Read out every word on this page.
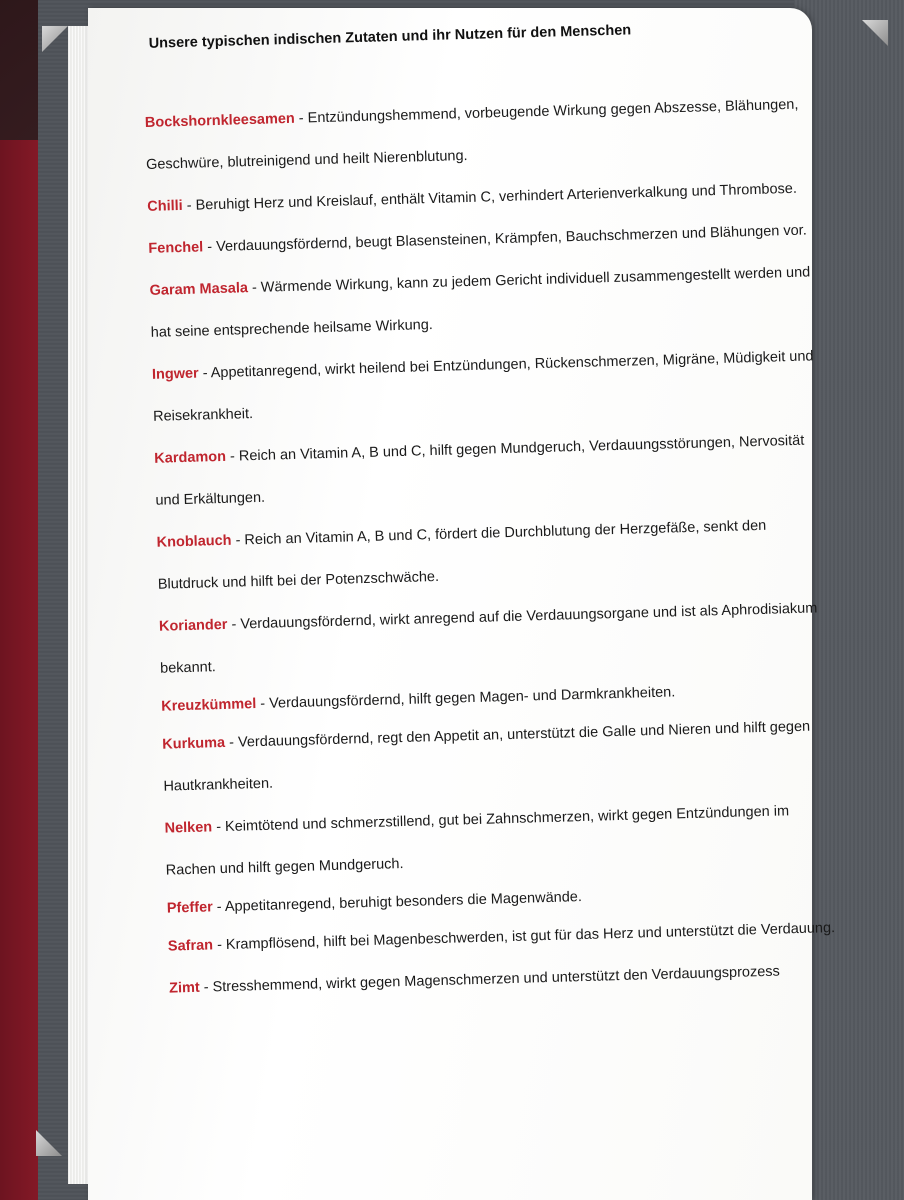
Unsere typischen indischen Zutaten und ihr Nutzen für den Menschen
Bockshornkleesamen - Entzündungshemmend, vorbeugende Wirkung gegen Abszesse, Blähungen, Geschwüre, blutreinigend und heilt Nierenblutung.
Chilli - Beruhigt Herz und Kreislauf, enthält Vitamin C, verhindert Arterienverkalkung und Thrombose.
Fenchel - Verdauungsfördernd, beugt Blasensteinen, Krämpfen, Bauchschmerzen und Blähungen vor.
Garam Masala - Wärmende Wirkung, kann zu jedem Gericht individuell zusammengestellt werden und hat seine entsprechende heilsame Wirkung.
Ingwer - Appetitanregend, wirkt heilend bei Entzündungen, Rückenschmerzen, Migräne, Müdigkeit und Reisekrankheit.
Kardamon - Reich an Vitamin A, B und C, hilft gegen Mundgeruch, Verdauungsstörungen, Nervosität und Erkältungen.
Knoblauch - Reich an Vitamin A, B und C, fördert die Durchblutung der Herzgefäße, senkt den Blutdruck und hilft bei der Potenzschwäche.
Koriander - Verdauungsfördernd, wirkt anregend auf die Verdauungsorgane und ist als Aphrodisiakum bekannt.
Kreuzkümmel - Verdauungsfördernd, hilft gegen Magen- und Darmkrankheiten.
Kurkuma - Verdauungsfördernd, regt den Appetit an, unterstützt die Galle und Nieren und hilft gegen Hautkrankheiten.
Nelken - Keimtötend und schmerzstillend, gut bei Zahnschmerzen, wirkt gegen Entzündungen im Rachen und hilft gegen Mundgeruch.
Pfeffer - Appetitanregend, beruhigt besonders die Magenwände.
Safran - Krampflösend, hilft bei Magenbeschwerden, ist gut für das Herz und unterstützt die Verdauung.
Zimt - Stresshemmend, wirkt gegen Magenschmerzen und unterstützt den Verdauungsprozess
